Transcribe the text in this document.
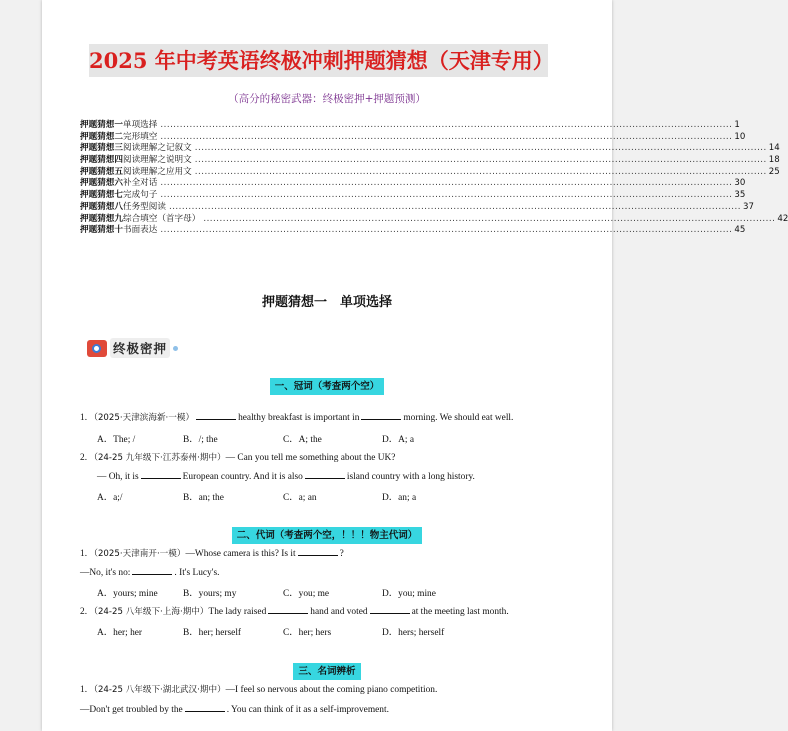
2025 年中考英语终极冲刺押题猜想（天津专用）
（高分的秘密武器：终极密押+押题预测）
押题猜想一 单项选择 ................................................................................................................................................................................. 1
押题猜想二 完形填空 ................................................................................................................................................................................. 10
押题猜想三 阅读理解之记叙文 ................................................................................................................................................................................. 14
押题猜想四 阅读理解之说明文 ................................................................................................................................................................................. 18
押题猜想五 阅读理解之应用文 ................................................................................................................................................................................. 25
押题猜想六 补全对话 ................................................................................................................................................................................. 30
押题猜想七 完成句子 ................................................................................................................................................................................. 35
押题猜想八 任务型阅读 ................................................................................................................................................................................. 37
押题猜想九 综合填空（首字母） ................................................................................................................................................................................. 42
押题猜想十 书面表达 ................................................................................................................................................................................. 45
押题猜想一　单项选择
终极密押
一、冠词（考查两个空）
1. （2025·天津滨海新·一模）	healthy breakfast is important in	morning. We should eat well.
A．The; /	B．/; the	C．A; the	D．A; a
2. （24-25 九年级下·江苏泰州·期中）— Can you tell me something about the UK?
— Oh, it is	European country. And it is also	island country with a long history.
A．a;/	B．an; the	C．a; an	D．an; a
二、代词（考查两个空，！！！物主代词）
1. （2025·天津南开·一模）—Whose camera is this? Is it	?
—No, it's no:	. It's Lucy's.
A．yours; mine	B．yours; my	C．you; me	D．you; mine
2. （24-25 八年级下·上海·期中）The lady raised	hand and voted	at the meeting last month.
A．her; her	B．her; herself	C．her; hers	D．hers; herself
三、名词辨析
1. （24-25 八年级下·湖北武汉·期中）—I feel so nervous about the coming piano competition.
—Don't get troubled by the	. You can think of it as a self-improvement.
